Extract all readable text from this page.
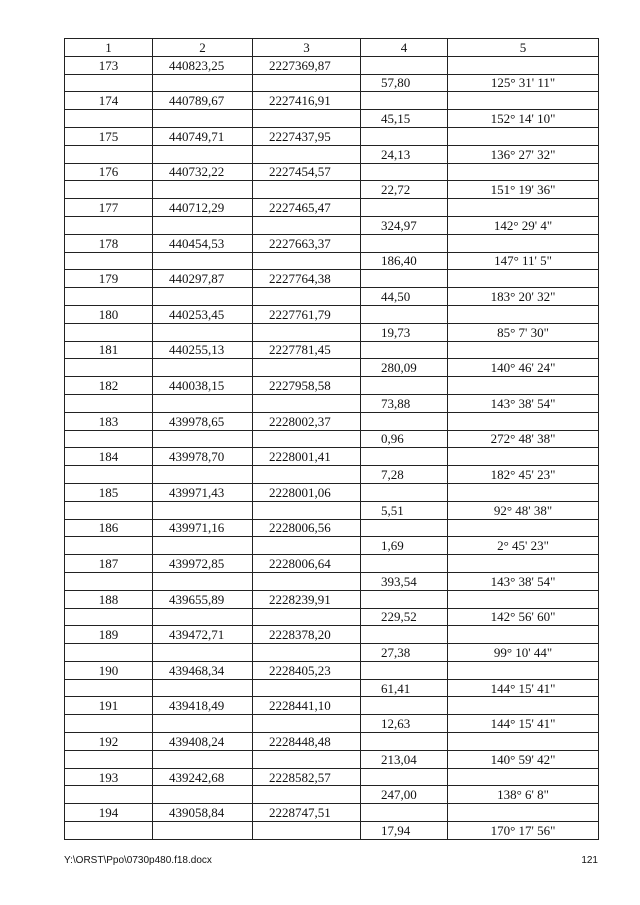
1	2	3	4	5
173	440823,25	2227369,87		
			57,80	125° 31' 11"
174	440789,67	2227416,91		
			45,15	152° 14' 10"
175	440749,71	2227437,95		
			24,13	136° 27' 32"
176	440732,22	2227454,57		
			22,72	151° 19' 36"
177	440712,29	2227465,47		
			324,97	142° 29' 4"
178	440454,53	2227663,37		
			186,40	147° 11' 5"
179	440297,87	2227764,38		
			44,50	183° 20' 32"
180	440253,45	2227761,79		
			19,73	85° 7' 30"
181	440255,13	2227781,45		
			280,09	140° 46' 24"
182	440038,15	2227958,58		
			73,88	143° 38' 54"
183	439978,65	2228002,37		
			0,96	272° 48' 38"
184	439978,70	2228001,41		
			7,28	182° 45' 23"
185	439971,43	2228001,06		
			5,51	92° 48' 38"
186	439971,16	2228006,56		
			1,69	2° 45' 23"
187	439972,85	2228006,64		
			393,54	143° 38' 54"
188	439655,89	2228239,91		
			229,52	142° 56' 60"
189	439472,71	2228378,20		
			27,38	99° 10' 44"
190	439468,34	2228405,23		
			61,41	144° 15' 41"
191	439418,49	2228441,10		
			12,63	144° 15' 41"
192	439408,24	2228448,48		
			213,04	140° 59' 42"
193	439242,68	2228582,57		
			247,00	138° 6' 8"
194	439058,84	2228747,51		
			17,94	170° 17' 56"
Y:\ORST\Ppo\0730p480.f18.docx	121
